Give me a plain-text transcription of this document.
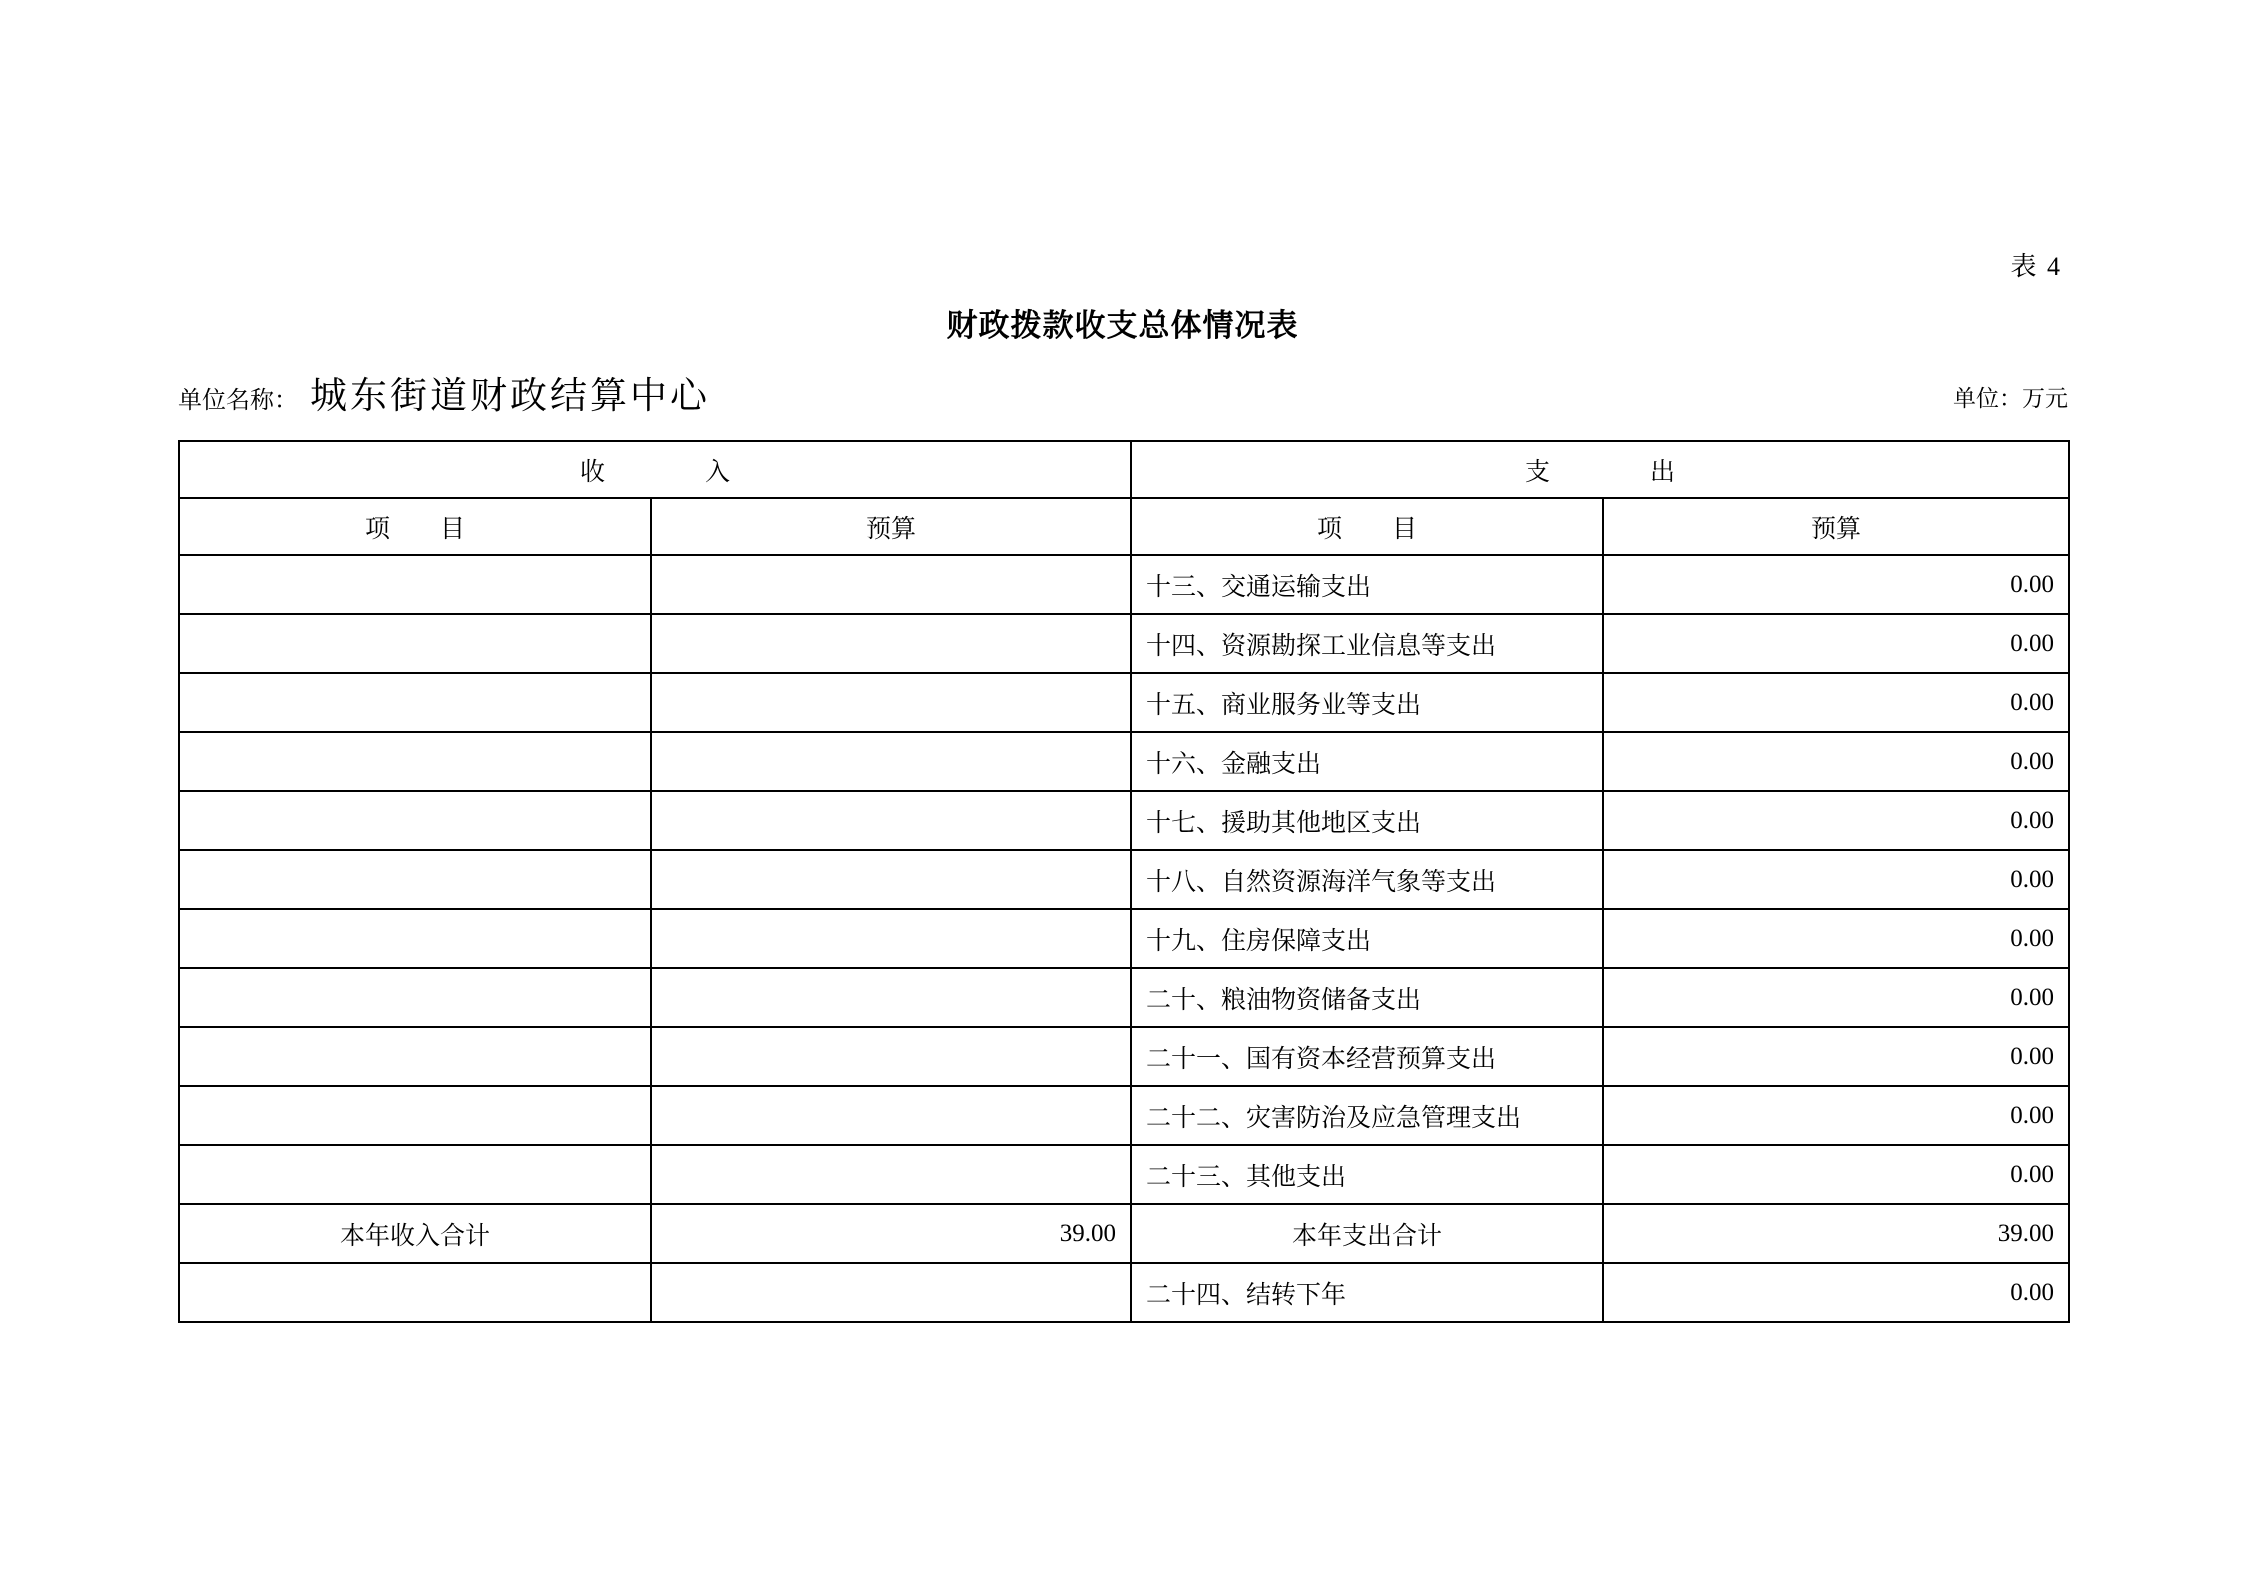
表 4
财政拨款收支总体情况表
单位名称： 城东街道财政结算中心	单位：万元
收　　　　入		支　　　　出	
项　　目	预算	项　　目	预算
		十三、交通运输支出	0.00
		十四、资源勘探工业信息等支出	0.00
		十五、商业服务业等支出	0.00
		十六、金融支出	0.00
		十七、援助其他地区支出	0.00
		十八、自然资源海洋气象等支出	0.00
		十九、住房保障支出	0.00
		二十、粮油物资储备支出	0.00
		二十一、国有资本经营预算支出	0.00
		二十二、灾害防治及应急管理支出	0.00
		二十三、其他支出	0.00
本年收入合计	39.00	本年支出合计	39.00
		二十四、结转下年	0.00
